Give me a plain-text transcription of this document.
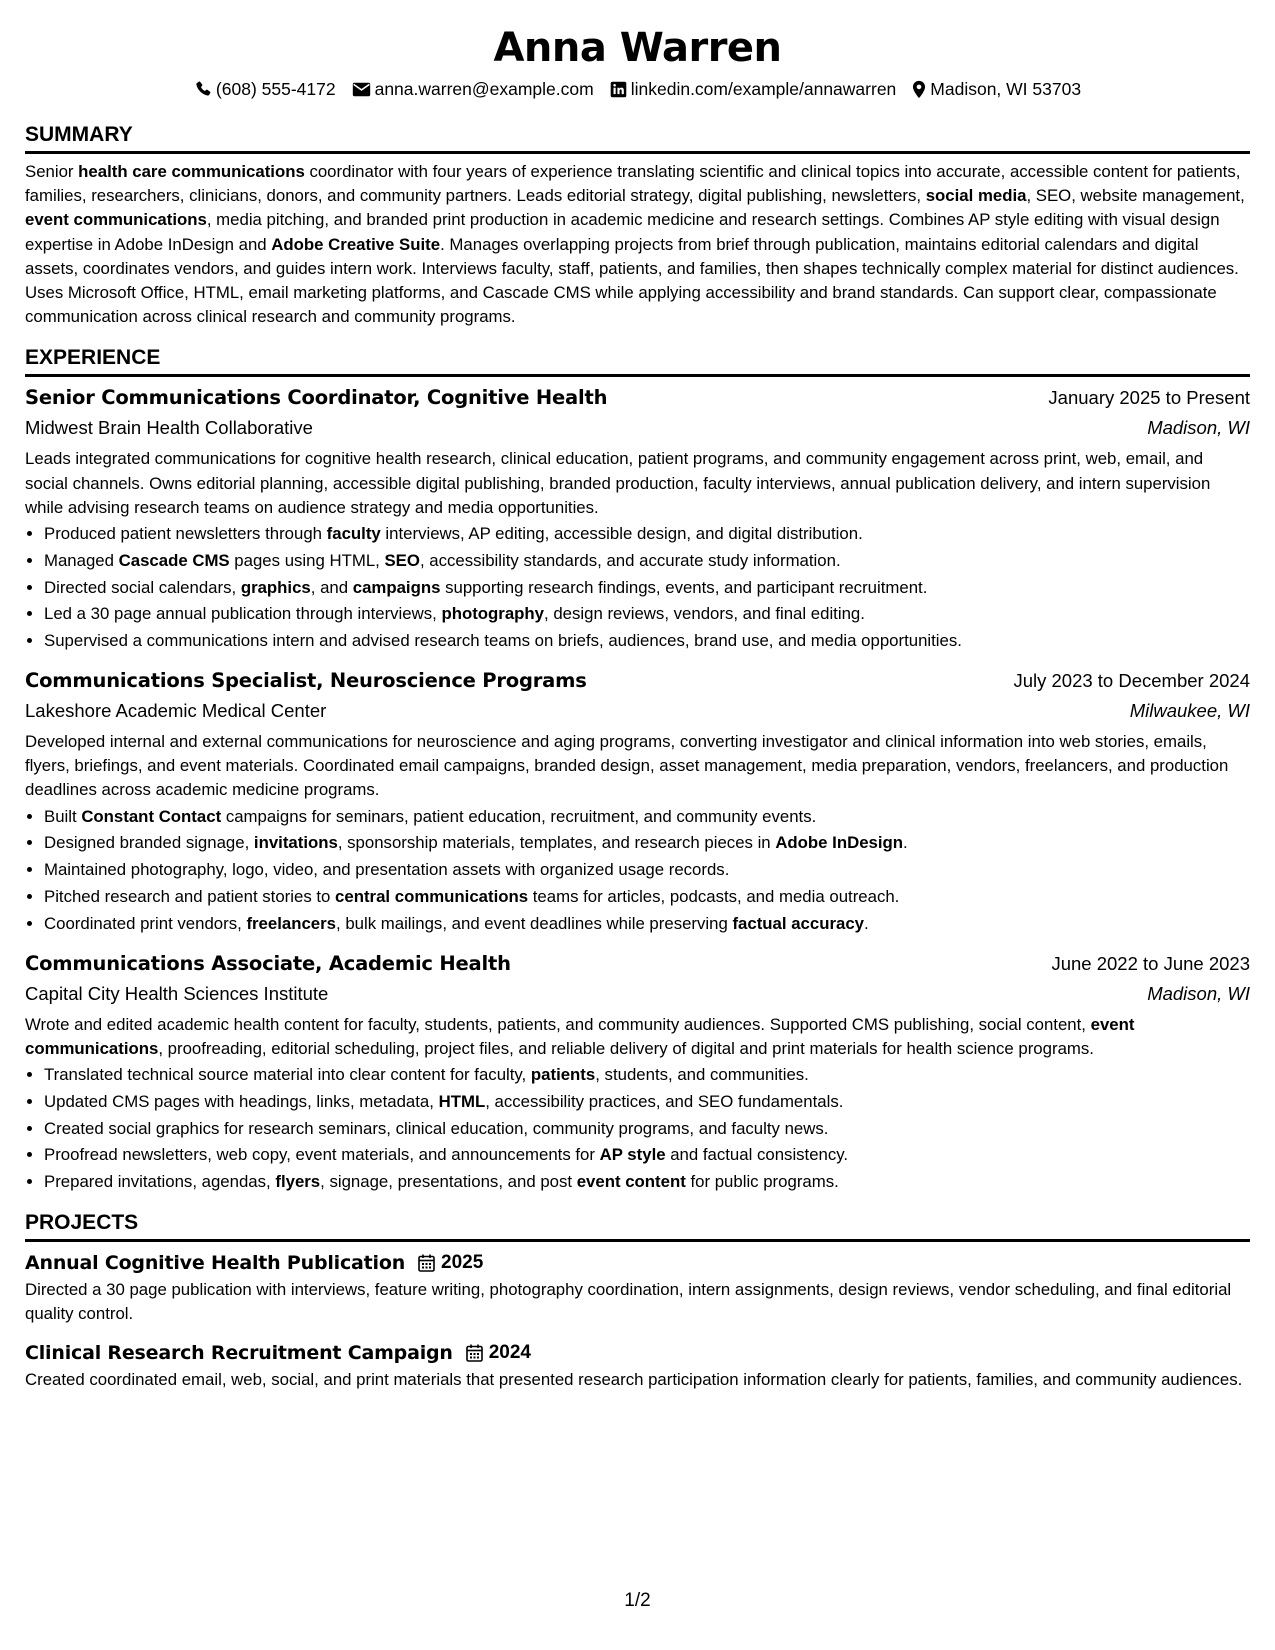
Anna Warren
(608) 555-4172 anna.warren@example.com linkedin.com/example/annawarren Madison, WI 53703
SUMMARY

Senior health care communications coordinator with four years of experience translating scientific and clinical topics into accurate, accessible content for patients, families, researchers, clinicians, donors, and community partners. Leads editorial strategy, digital publishing, newsletters, social media, SEO, website management, event communications, media pitching, and branded print production in academic medicine and research settings. Combines AP style editing with visual design expertise in Adobe InDesign and Adobe Creative Suite. Manages overlapping projects from brief through publication, maintains editorial calendars and digital assets, coordinates vendors, and guides intern work. Interviews faculty, staff, patients, and families, then shapes technically complex material for distinct audiences. Uses Microsoft Office, HTML, email marketing platforms, and Cascade CMS while applying accessibility and brand standards. Can support clear, compassionate communication across clinical research and community programs.

EXPERIENCE
Senior Communications Coordinator, Cognitive Health	January 2025 to Present
Midwest Brain Health Collaborative	Madison, WI

Leads integrated communications for cognitive health research, clinical education, patient programs, and community engagement across print, web, email, and social channels. Owns editorial planning, accessible digital publishing, branded production, faculty interviews, annual publication delivery, and intern supervision while advising research teams on audience strategy and media opportunities.

• Produced patient newsletters through faculty interviews, AP editing, accessible design, and digital distribution.
• Managed Cascade CMS pages using HTML, SEO, accessibility standards, and accurate study information.
• Directed social calendars, graphics, and campaigns supporting research findings, events, and participant recruitment.
• Led a 30 page annual publication through interviews, photography, design reviews, vendors, and final editing.
• Supervised a communications intern and advised research teams on briefs, audiences, brand use, and media opportunities.
Communications Specialist, Neuroscience Programs	July 2023 to December 2024
Lakeshore Academic Medical Center	Milwaukee, WI

Developed internal and external communications for neuroscience and aging programs, converting investigator and clinical information into web stories, emails, flyers, briefings, and event materials. Coordinated email campaigns, branded design, asset management, media preparation, vendors, freelancers, and production deadlines across academic medicine programs.

• Built Constant Contact campaigns for seminars, patient education, recruitment, and community events.
• Designed branded signage, invitations, sponsorship materials, templates, and research pieces in Adobe InDesign.
• Maintained photography, logo, video, and presentation assets with organized usage records.
• Pitched research and patient stories to central communications teams for articles, podcasts, and media outreach.
• Coordinated print vendors, freelancers, bulk mailings, and event deadlines while preserving factual accuracy.
Communications Associate, Academic Health	June 2022 to June 2023
Capital City Health Sciences Institute	Madison, WI

Wrote and edited academic health content for faculty, students, patients, and community audiences. Supported CMS publishing, social content, event communications, proofreading, editorial scheduling, project files, and reliable delivery of digital and print materials for health science programs.

• Translated technical source material into clear content for faculty, patients, students, and communities.
• Updated CMS pages with headings, links, metadata, HTML, accessibility practices, and SEO fundamentals.
• Created social graphics for research seminars, clinical education, community programs, and faculty news.
• Proofread newsletters, web copy, event materials, and announcements for AP style and factual consistency.
• Prepared invitations, agendas, flyers, signage, presentations, and post event content for public programs.
PROJECTS
Annual Cognitive Health Publication 2025

Directed a 30 page publication with interviews, feature writing, photography coordination, intern assignments, design reviews, vendor scheduling, and final editorial quality control.

Clinical Research Recruitment Campaign 2024

Created coordinated email, web, social, and print materials that presented research participation information clearly for patients, families, and community audiences.

1/2
